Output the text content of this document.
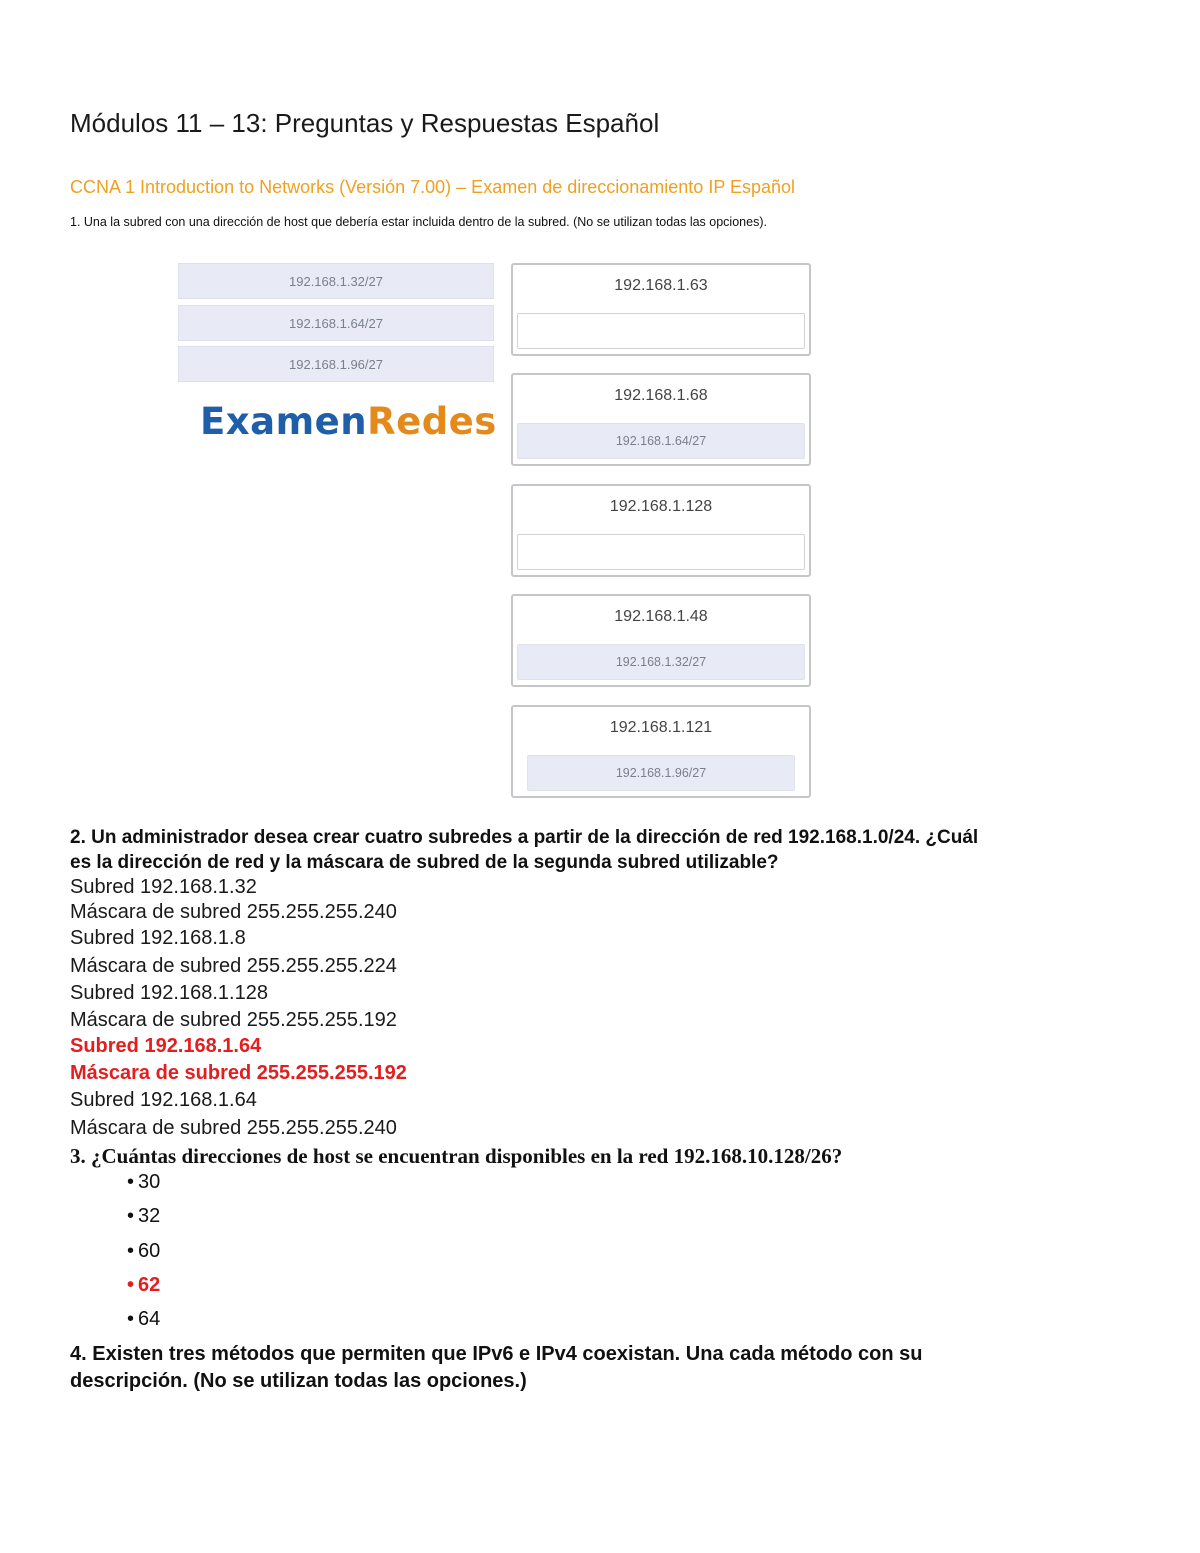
Módulos 11 – 13: Preguntas y Respuestas Español
CCNA 1 Introduction to Networks (Versión 7.00) – Examen de direccionamiento IP Español
1. Una la subred con una dirección de host que debería estar incluida dentro de la subred. (No se utilizan todas las opciones).
192.168.1.32/27
192.168.1.64/27
192.168.1.96/27
ExamenRedes
192.168.1.63
192.168.1.68
192.168.1.64/27
192.168.1.128
192.168.1.48
192.168.1.32/27
192.168.1.121
192.168.1.96/27
2. Un administrador desea crear cuatro subredes a partir de la dirección de red 192.168.1.0/24. ¿Cuál
es la dirección de red y la máscara de subred de la segunda subred utilizable?
Subred 192.168.1.32
Máscara de subred 255.255.255.240
Subred 192.168.1.8
Máscara de subred 255.255.255.224
Subred 192.168.1.128
Máscara de subred 255.255.255.192
Subred 192.168.1.64
Máscara de subred 255.255.255.192
Subred 192.168.1.64
Máscara de subred 255.255.255.240
3. ¿Cuántas direcciones de host se encuentran disponibles en la red 192.168.10.128/26?
• 30
• 32
• 60
• 62
• 64
4. Existen tres métodos que permiten que IPv6 e IPv4 coexistan. Una cada método con su
descripción. (No se utilizan todas las opciones.)
